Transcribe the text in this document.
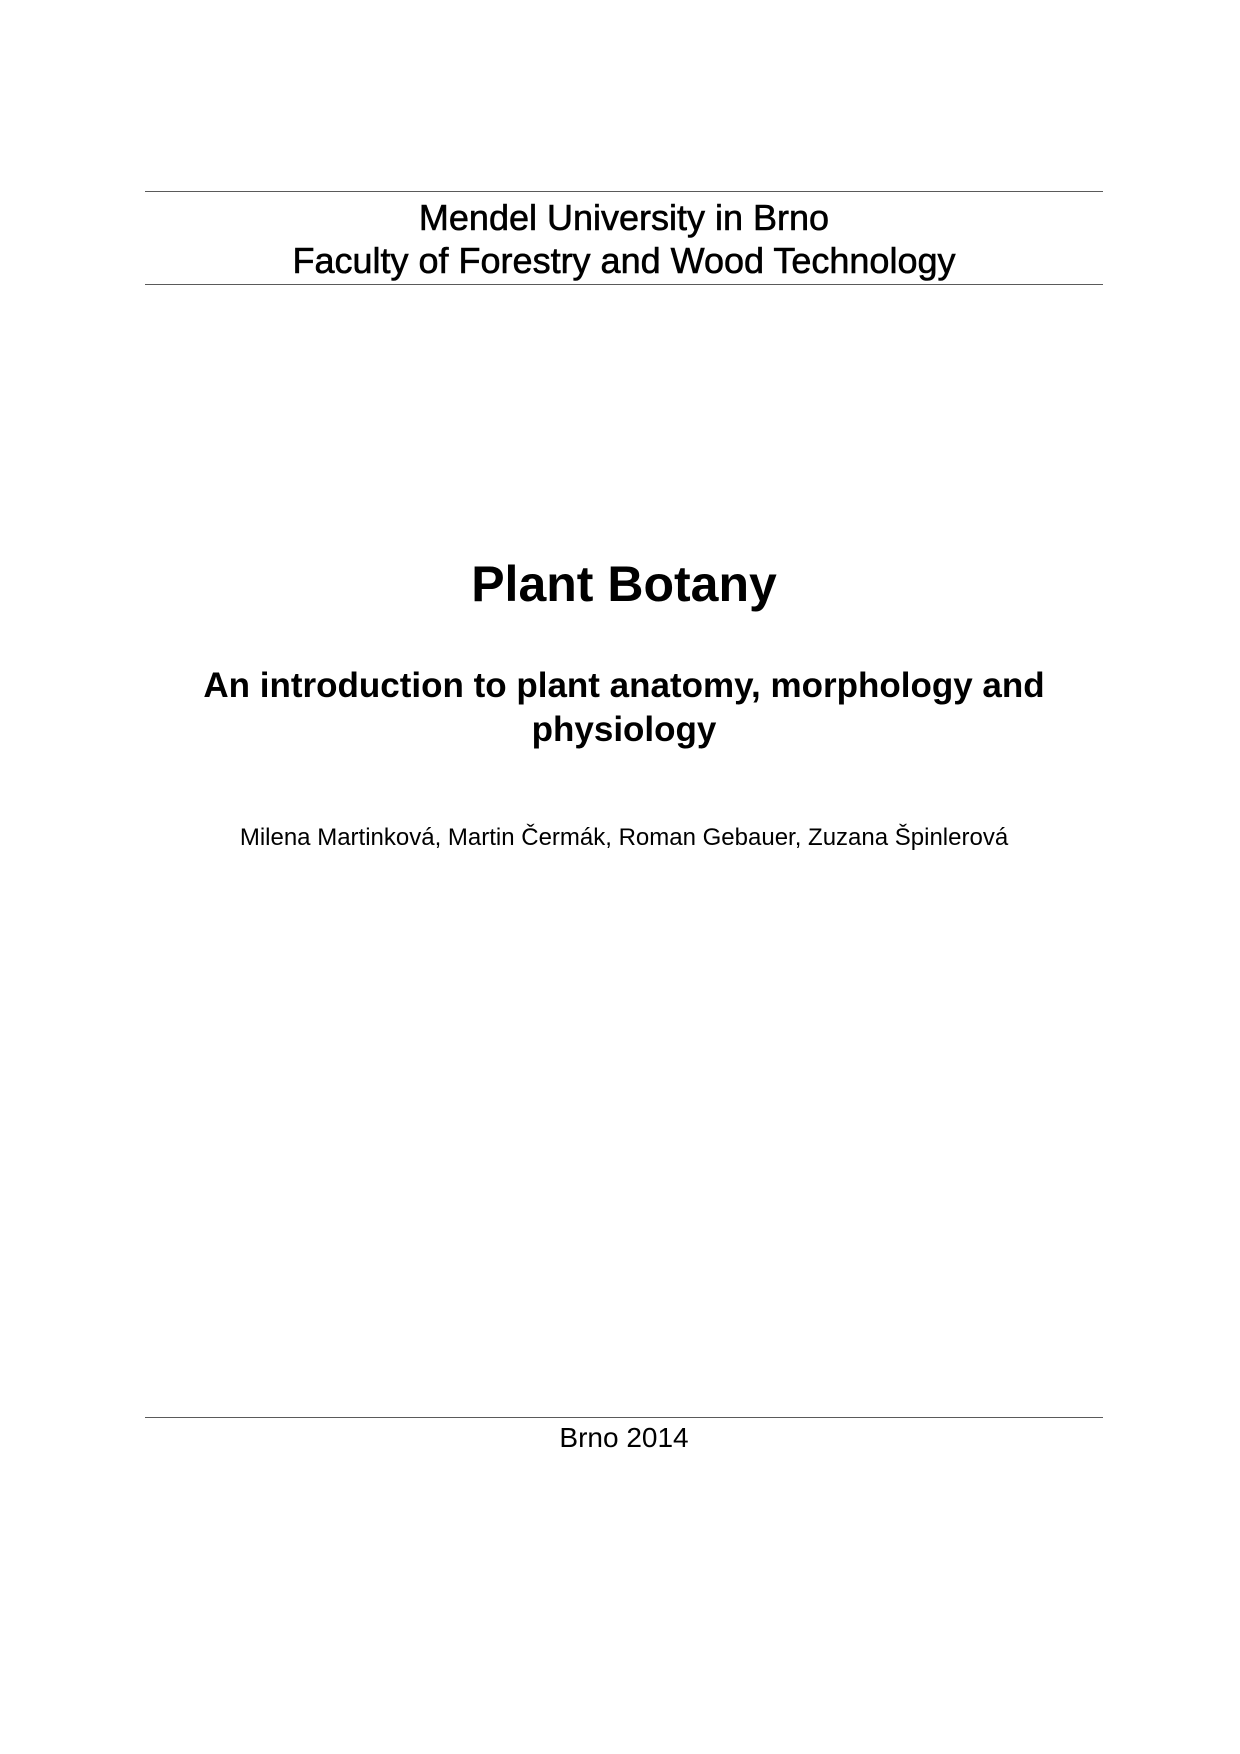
Mendel University in Brno
Faculty of Forestry and Wood Technology
Plant Botany
An introduction to plant anatomy, morphology and
physiology
Milena Martinková, Martin Čermák, Roman Gebauer, Zuzana Špinlerová
Brno 2014
